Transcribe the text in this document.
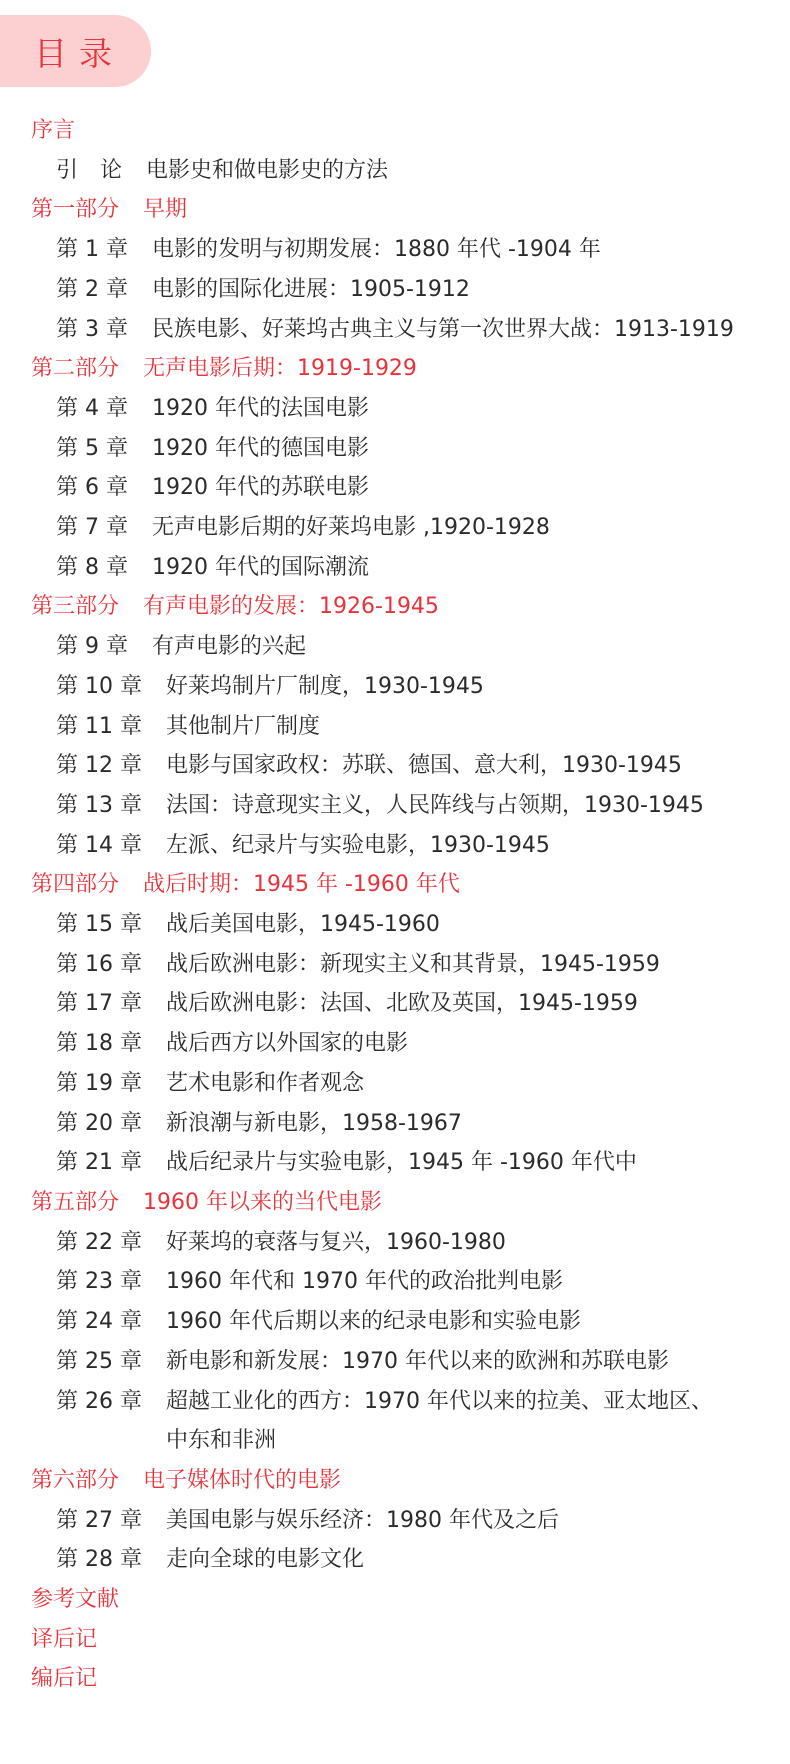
目录
序言
引　论 电影史和做电影史的方法
第一部分 早期
第 1 章 电影的发明与初期发展：1880 年代 -1904 年
第 2 章 电影的国际化进展：1905-1912
第 3 章 民族电影、好莱坞古典主义与第一次世界大战：1913-1919
第二部分 无声电影后期：1919-1929
第 4 章 1920 年代的法国电影
第 5 章 1920 年代的德国电影
第 6 章 1920 年代的苏联电影
第 7 章 无声电影后期的好莱坞电影 ,1920-1928
第 8 章 1920 年代的国际潮流
第三部分 有声电影的发展：1926-1945
第 9 章 有声电影的兴起
第 10 章 好莱坞制片厂制度，1930-1945
第 11 章 其他制片厂制度
第 12 章 电影与国家政权：苏联、德国、意大利，1930-1945
第 13 章 法国：诗意现实主义，人民阵线与占领期，1930-1945
第 14 章 左派、纪录片与实验电影，1930-1945
第四部分 战后时期：1945 年 -1960 年代
第 15 章 战后美国电影，1945-1960
第 16 章 战后欧洲电影：新现实主义和其背景，1945-1959
第 17 章 战后欧洲电影：法国、北欧及英国，1945-1959
第 18 章 战后西方以外国家的电影
第 19 章 艺术电影和作者观念
第 20 章 新浪潮与新电影，1958-1967
第 21 章 战后纪录片与实验电影，1945 年 -1960 年代中
第五部分 1960 年以来的当代电影
第 22 章 好莱坞的衰落与复兴，1960-1980
第 23 章 1960 年代和 1970 年代的政治批判电影
第 24 章 1960 年代后期以来的纪录电影和实验电影
第 25 章 新电影和新发展：1970 年代以来的欧洲和苏联电影
第 26 章 超越工业化的西方：1970 年代以来的拉美、亚太地区、
中东和非洲
第六部分 电子媒体时代的电影
第 27 章 美国电影与娱乐经济：1980 年代及之后
第 28 章 走向全球的电影文化
参考文献
译后记
编后记
